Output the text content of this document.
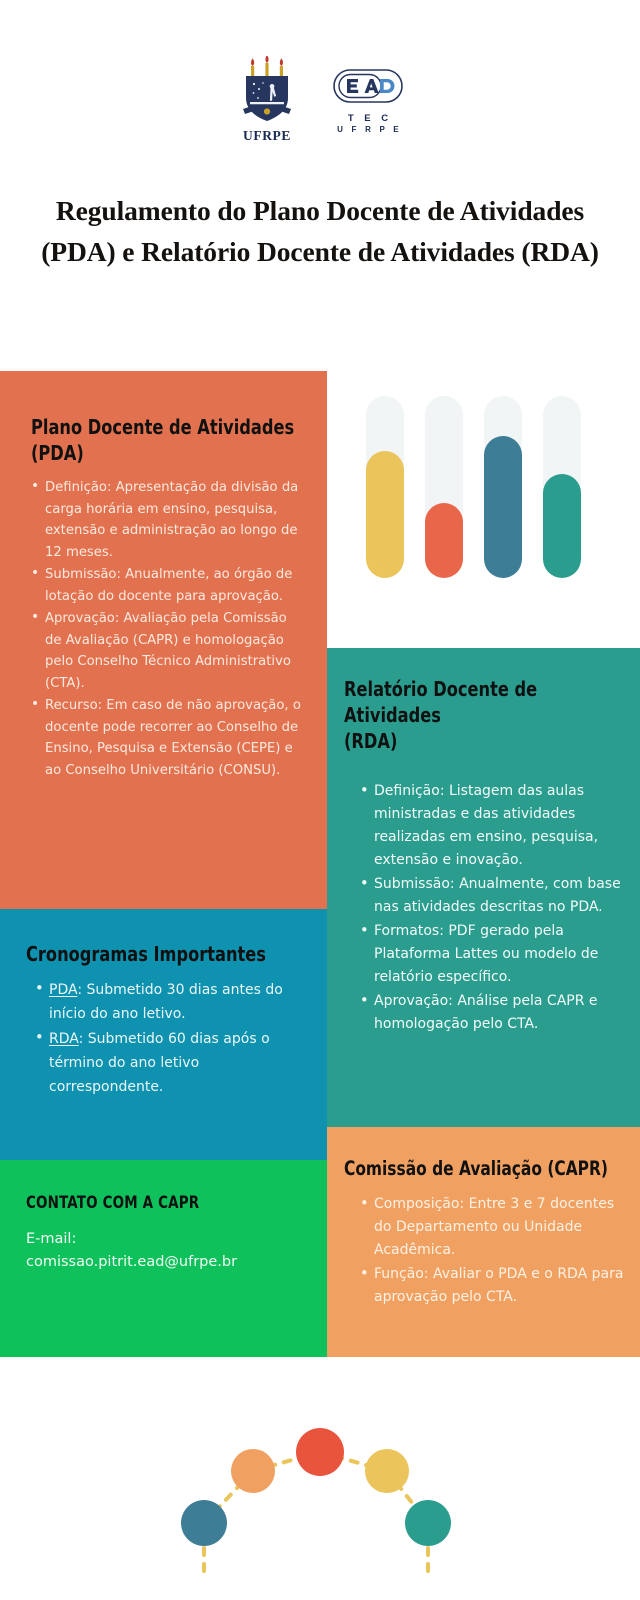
UFRPE
T E C
U F R P E
Regulamento do Plano Docente de Atividades (PDA) e Relatório Docente de Atividades (RDA)
Plano Docente de Atividades
(PDA)
• Definição: Apresentação da divisão da carga horária em ensino, pesquisa, extensão e administração ao longo de 12 meses.
• Submissão: Anualmente, ao órgão de lotação do docente para aprovação.
• Aprovação: Avaliação pela Comissão de Avaliação (CAPR) e homologação pelo Conselho Técnico Administrativo (CTA).
• Recurso: Em caso de não aprovação, o docente pode recorrer ao Conselho de Ensino, Pesquisa e Extensão (CEPE) e ao Conselho Universitário (CONSU).
Relatório Docente de Atividades
(RDA)
• Definição: Listagem das aulas ministradas e das atividades realizadas em ensino, pesquisa, extensão e inovação.
• Submissão: Anualmente, com base nas atividades descritas no PDA.
• Formatos: PDF gerado pela Plataforma Lattes ou modelo de relatório específico.
• Aprovação: Análise pela CAPR e homologação pelo CTA.
Cronogramas Importantes
• PDA: Submetido 30 dias antes do início do ano letivo.
• RDA: Submetido 60 dias após o término do ano letivo correspondente.
CONTATO COM A CAPR
E-mail:
comissao.pitrit.ead@ufrpe.br
Comissão de Avaliação (CAPR)
• Composição: Entre 3 e 7 docentes do Departamento ou Unidade Acadêmica.
• Função: Avaliar o PDA e o RDA para aprovação pelo CTA.
